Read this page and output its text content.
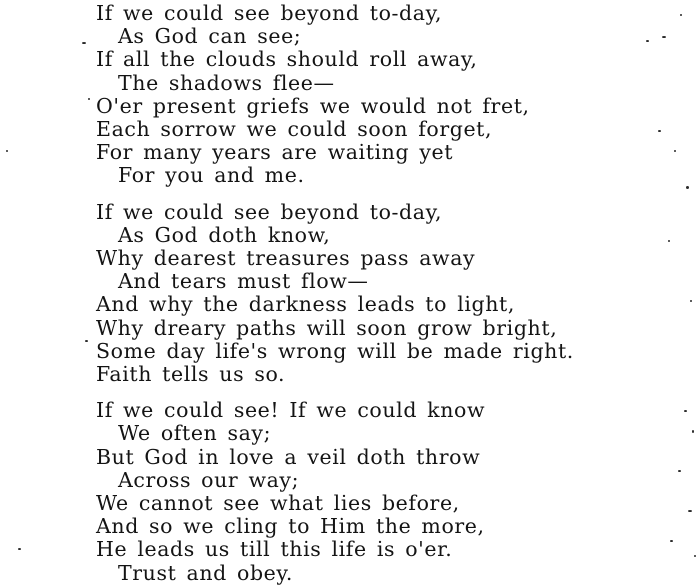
If we could see beyond to-day,
As God can see;
If all the clouds should roll away,
The shadows flee—
O'er present griefs we would not fret,
Each sorrow we could soon forget,
For many years are waiting yet
For you and me.
If we could see beyond to-day,
As God doth know,
Why dearest treasures pass away
And tears must flow—
And why the darkness leads to light,
Why dreary paths will soon grow bright,
Some day life's wrong will be made right.
Faith tells us so.
If we could see! If we could know
We often say;
But God in love a veil doth throw
Across our way;
We cannot see what lies before,
And so we cling to Him the more,
He leads us till this life is o'er.
Trust and obey.
